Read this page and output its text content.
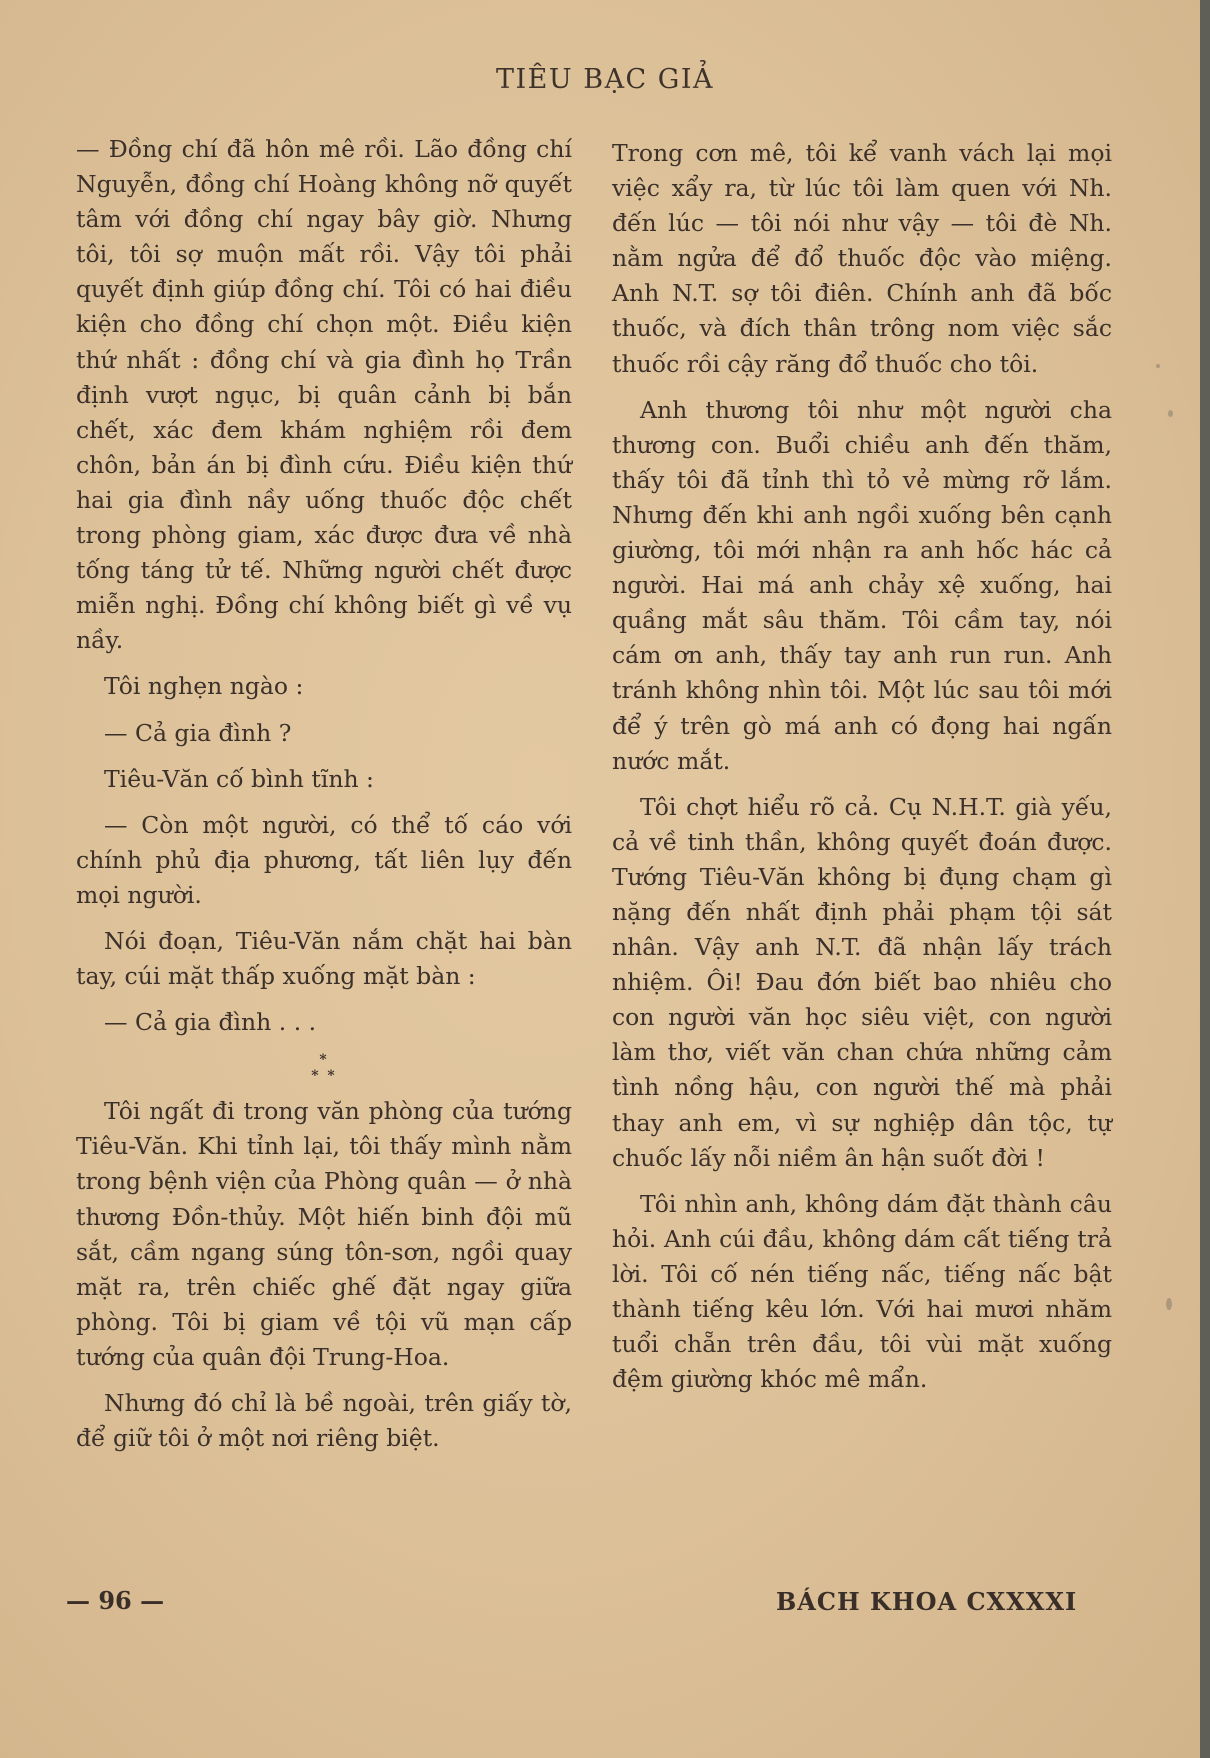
TIÊU BẠC GIẢ

— Đồng chí đã hôn mê rồi. Lão đồng chí Nguyễn, đồng chí Hoàng không nỡ quyết tâm với đồng chí ngay bây giờ. Nhưng tôi, tôi sợ muộn mất rồi. Vậy tôi phải quyết định giúp đồng chí. Tôi có hai điều kiện cho đồng chí chọn một. Điều kiện thứ nhất : đồng chí và gia đình họ Trần định vượt ngục, bị quân cảnh bị bắn chết, xác đem khám nghiệm rồi đem chôn, bản án bị đình cứu. Điều kiện thứ hai gia đình nầy uống thuốc độc chết trong phòng giam, xác được đưa về nhà tống táng tử tế. Những người chết được miễn nghị. Đồng chí không biết gì về vụ nầy.

Tôi nghẹn ngào :

— Cả gia đình ?

Tiêu-Văn cố bình tĩnh :

— Còn một người, có thể tố cáo với chính phủ địa phương, tất liên lụy đến mọi người.

Nói đoạn, Tiêu-Văn nắm chặt hai bàn tay, cúi mặt thấp xuống mặt bàn :

— Cả gia đình . . .

*
* *

Tôi ngất đi trong văn phòng của tướng Tiêu-Văn. Khi tỉnh lại, tôi thấy mình nằm trong bệnh viện của Phòng quân — ở nhà thương Đồn-thủy. Một hiến binh đội mũ sắt, cầm ngang súng tôn-sơn, ngồi quay mặt ra, trên chiếc ghế đặt ngay giữa phòng. Tôi bị giam về tội vũ mạn cấp tướng của quân đội Trung-Hoa.

Nhưng đó chỉ là bề ngoài, trên giấy tờ, để giữ tôi ở một nơi riêng biệt.

Trong cơn mê, tôi kể vanh vách lại mọi việc xẩy ra, từ lúc tôi làm quen với Nh. đến lúc — tôi nói như vậy — tôi đè Nh. nằm ngửa để đổ thuốc độc vào miệng. Anh N.T. sợ tôi điên. Chính anh đã bốc thuốc, và đích thân trông nom việc sắc thuốc rồi cậy răng đổ thuốc cho tôi.

Anh thương tôi như một người cha thương con. Buổi chiều anh đến thăm, thấy tôi đã tỉnh thì tỏ vẻ mừng rỡ lắm. Nhưng đến khi anh ngồi xuống bên cạnh giường, tôi mới nhận ra anh hốc hác cả người. Hai má anh chảy xệ xuống, hai quầng mắt sâu thăm. Tôi cầm tay, nói cám ơn anh, thấy tay anh run run. Anh tránh không nhìn tôi. Một lúc sau tôi mới để ý trên gò má anh có đọng hai ngấn nước mắt.

Tôi chợt hiểu rõ cả. Cụ N.H.T. già yếu, cả về tinh thần, không quyết đoán được. Tướng Tiêu-Văn không bị đụng chạm gì nặng đến nhất định phải phạm tội sát nhân. Vậy anh N.T. đã nhận lấy trách nhiệm. Ôi! Đau đớn biết bao nhiêu cho con người văn học siêu việt, con người làm thơ, viết văn chan chứa những cảm tình nồng hậu, con người thế mà phải thay anh em, vì sự nghiệp dân tộc, tự chuốc lấy nỗi niềm ân hận suốt đời !

Tôi nhìn anh, không dám đặt thành câu hỏi. Anh cúi đầu, không dám cất tiếng trả lời. Tôi cố nén tiếng nấc, tiếng nấc bật thành tiếng kêu lớn. Với hai mươi nhăm tuổi chẵn trên đầu, tôi vùi mặt xuống đệm giường khóc mê mẩn.

— 96 —	BÁCH KHOA CXXXXI
